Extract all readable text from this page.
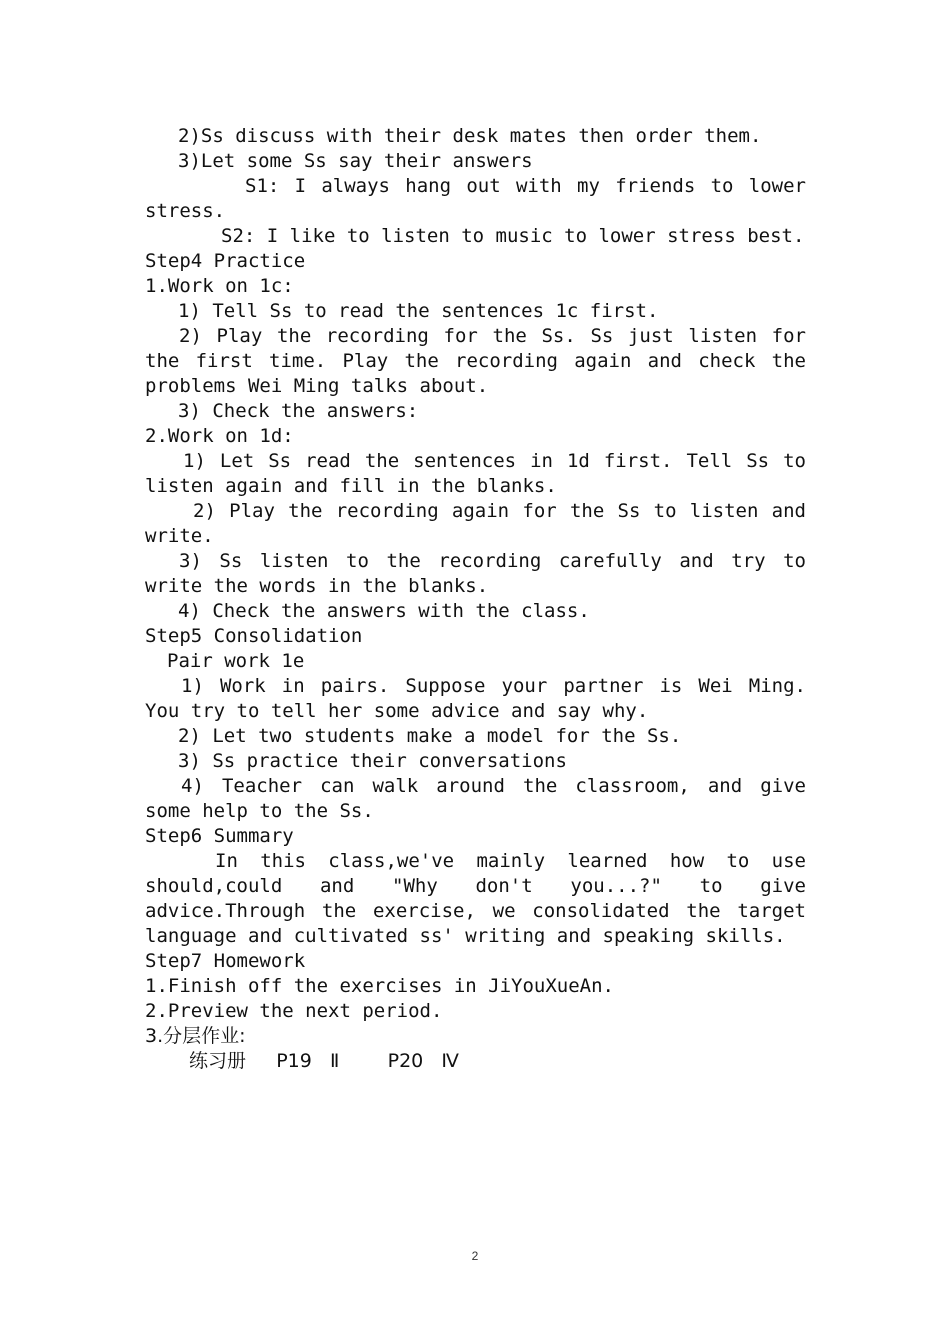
2)Ss discuss with their desk mates then order them.
3)Let some Ss say their answers

S1: I always hang out with my friends to lower stress.

S2: I like to listen to music to lower stress best.
Step4 Practice
1.Work on 1c:
1) Tell Ss to read the sentences 1c first.

2) Play the recording for the Ss. Ss just listen for the first time. Play the recording again and check the problems Wei Ming talks about.

3) Check the answers:
2.Work on 1d:

1) Let Ss read the sentences in 1d first. Tell Ss to listen again and fill in the blanks.

2) Play the recording again for the Ss to listen and write.

3) Ss listen to the recording carefully and try to write the words in the blanks.

4) Check the answers with the class.
Step5 Consolidation
Pair work 1e

1) Work in pairs. Suppose your partner is Wei Ming. You try to tell her some advice and say why.

2) Let two students make a model for the Ss.
3) Ss practice their conversations

4) Teacher can walk around the classroom, and give some help to the Ss.

Step6 Summary

In this class,we've mainly learned how to use should,could and "Why don't you...?" to give advice.Through the exercise, we consolidated the target language and cultivated ss' writing and speaking skills.

Step7 Homework
1.Finish off the exercises in JiYouXueAn.
2.Preview the next period.
3.分层作业:
练习册     P19   Ⅱ        P20   Ⅳ
2
